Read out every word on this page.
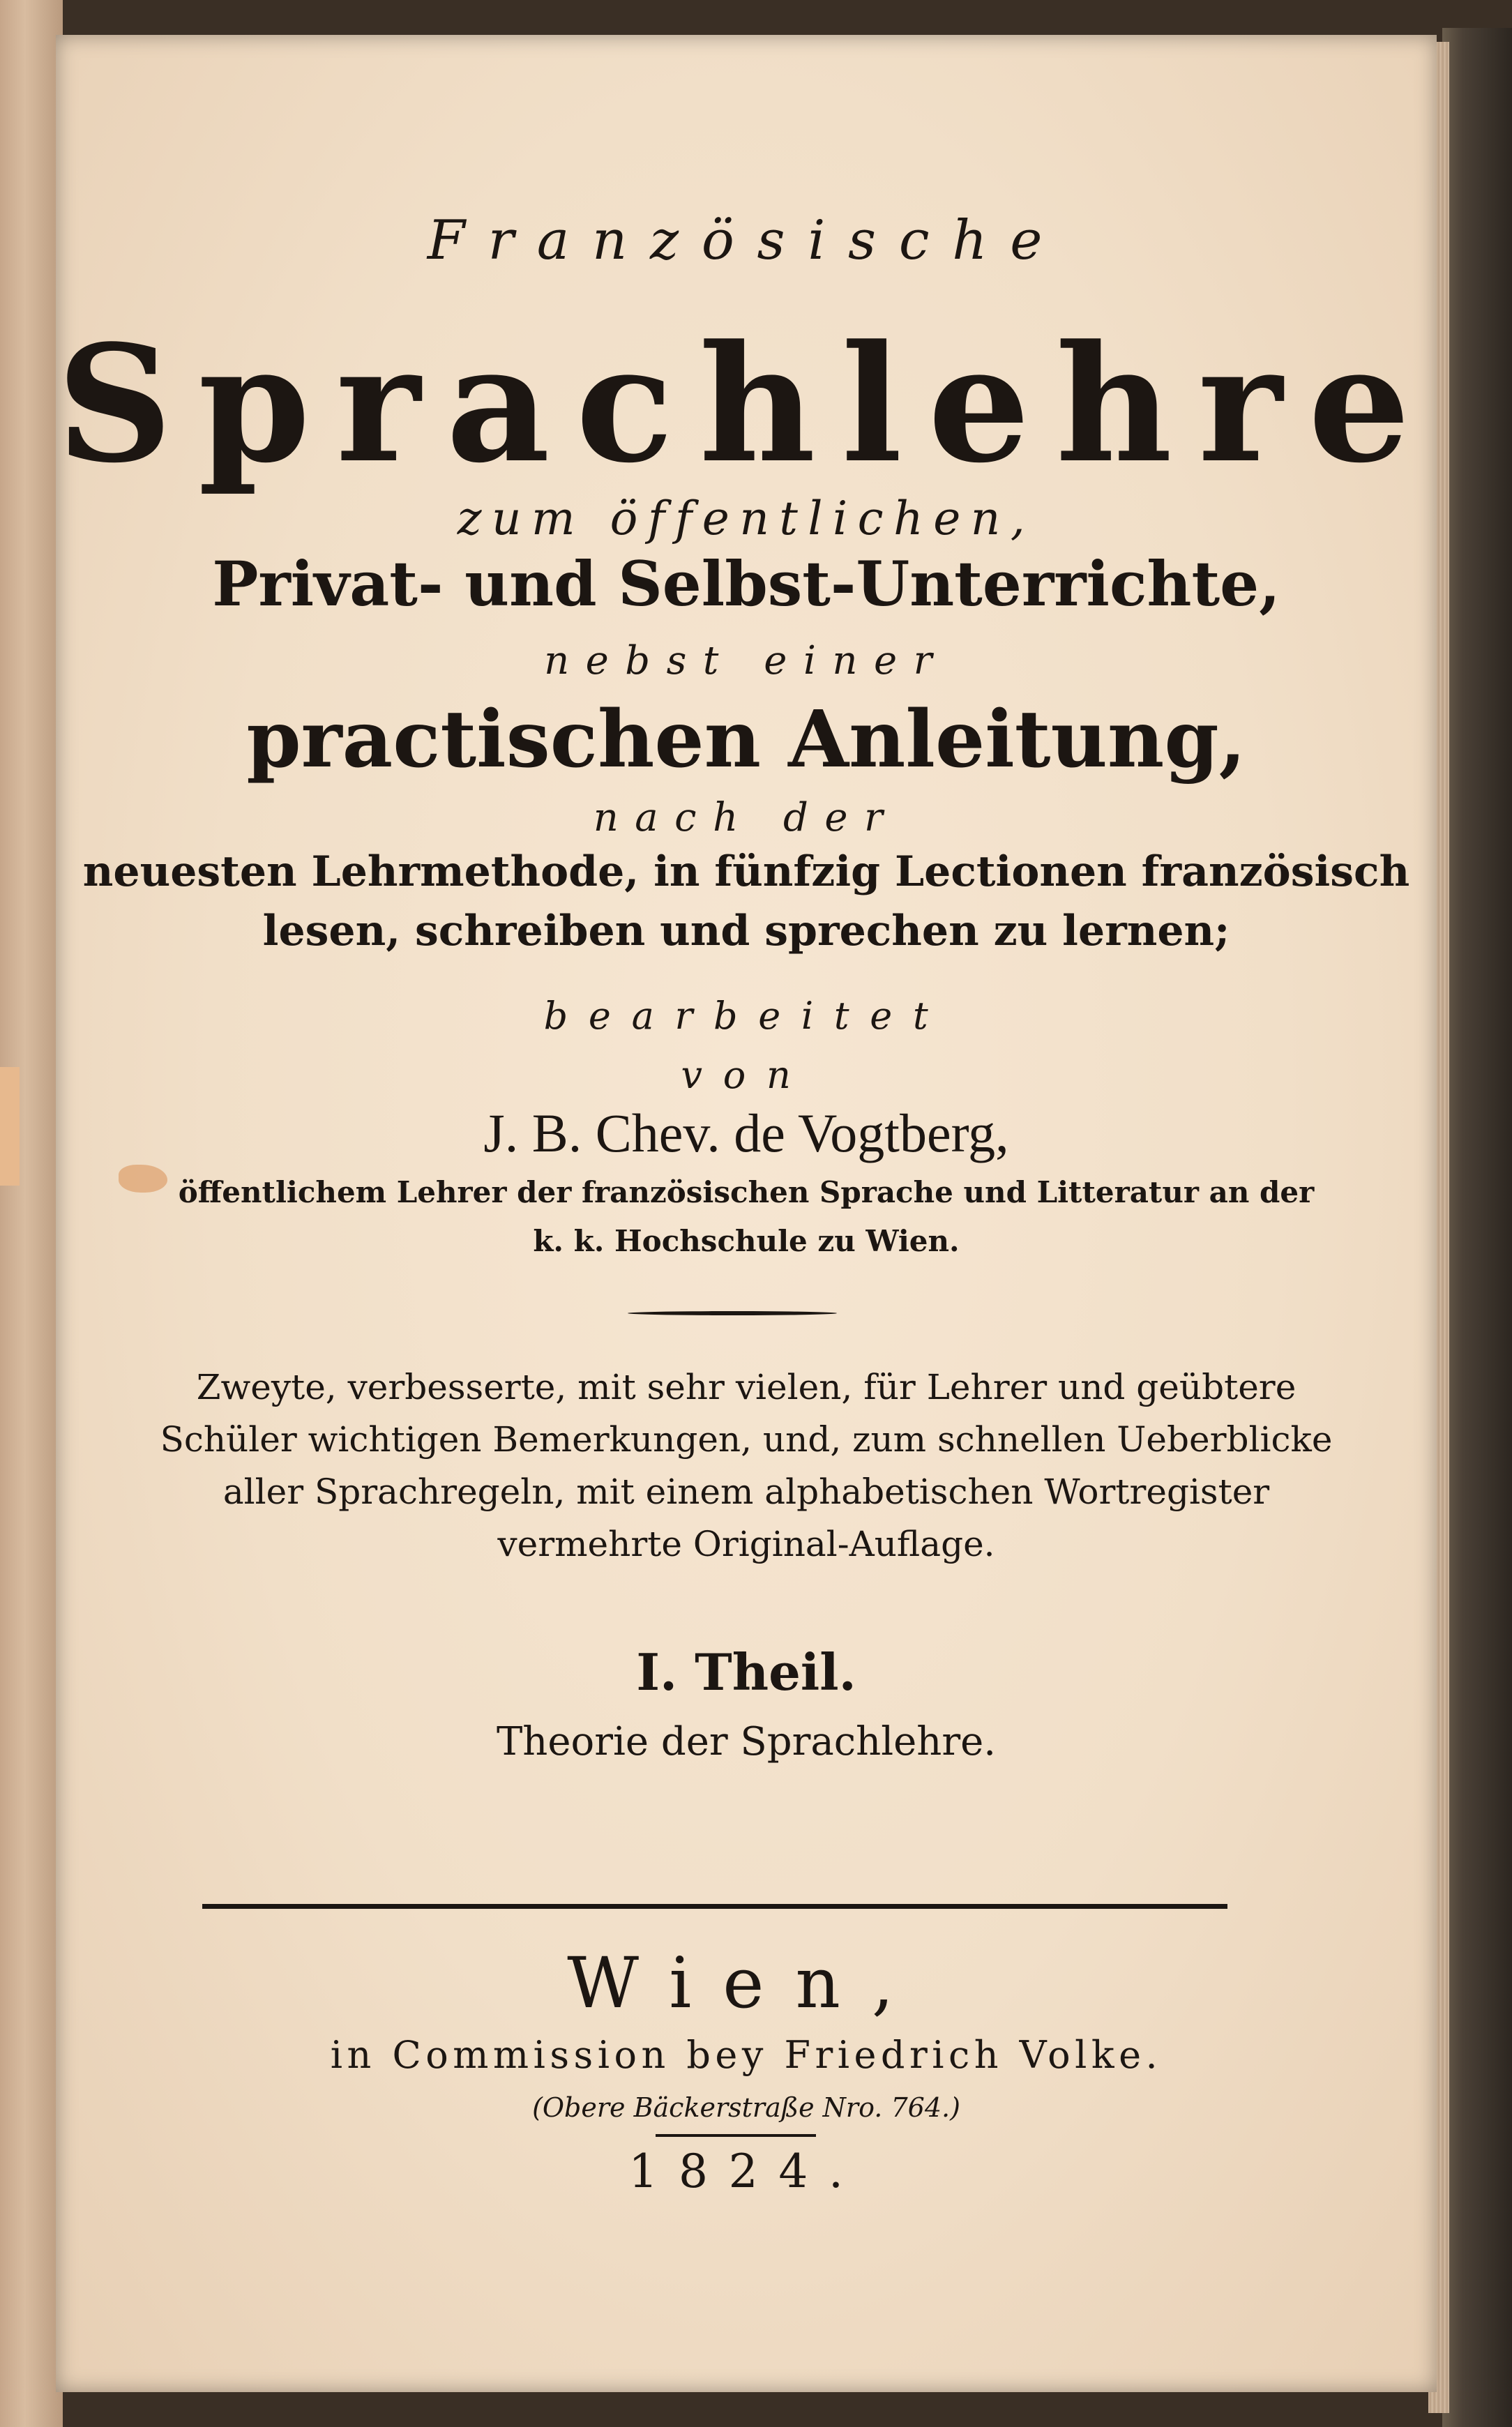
Französische
Sprachlehre
zum öffentlichen,
Privat- und Selbst-Unterrichte,
nebst einer
practischen Anleitung,
nach der
neuesten Lehrmethode, in fünfzig Lectionen französisch
lesen, schreiben und sprechen zu lernen;
bearbeitet
von
J. B. Chev. de Vogtberg,
öffentlichem Lehrer der französischen Sprache und Litteratur an der
k. k. Hochschule zu Wien.
Zweyte, verbesserte, mit sehr vielen, für Lehrer und geübtere
Schüler wichtigen Bemerkungen, und, zum schnellen Ueberblicke
aller Sprachregeln, mit einem alphabetischen Wortregister
vermehrte Original-Auflage.
I. Theil.
Theorie der Sprachlehre.
Wien,
in Commission bey Friedrich Volke.
(Obere Bäckerstraße Nro. 764.)
1824.
